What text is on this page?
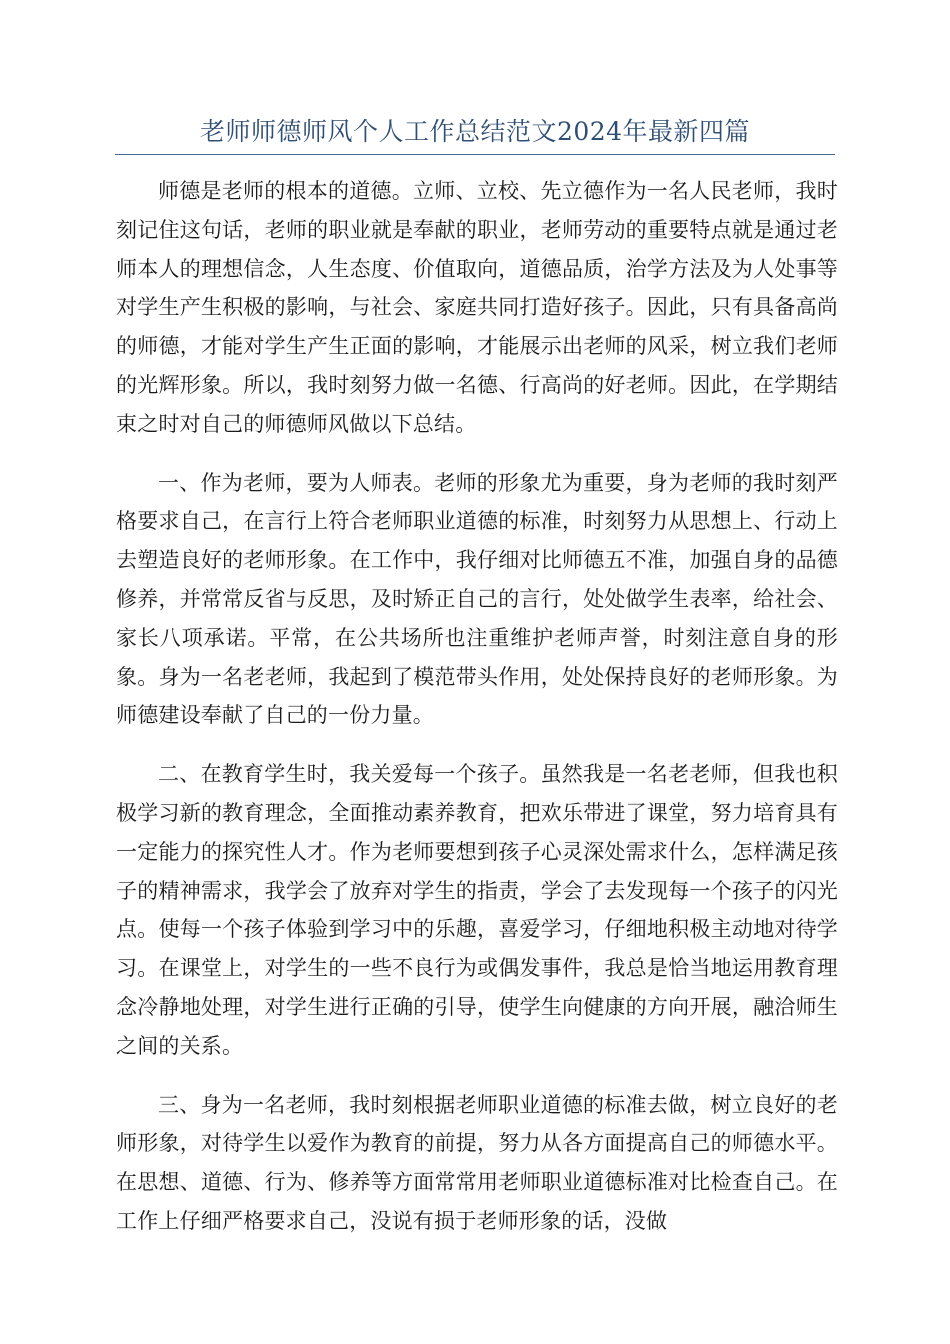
老师师德师风个人工作总结范文2024年最新四篇

师德是老师的根本的道德。立师、立校、先立德作为一名人民老师，我时刻记住这句话，老师的职业就是奉献的职业，老师劳动的重要特点就是通过老师本人的理想信念，人生态度、价值取向，道德品质，治学方法及为人处事等对学生产生积极的影响，与社会、家庭共同打造好孩子。因此，只有具备高尚的师德，才能对学生产生正面的影响，才能展示出老师的风采，树立我们老师的光辉形象。所以，我时刻努力做一名德、行高尚的好老师。因此，在学期结束之时对自己的师德师风做以下总结。

一、作为老师，要为人师表。老师的形象尤为重要，身为老师的我时刻严格要求自己，在言行上符合老师职业道德的标准，时刻努力从思想上、行动上去塑造良好的老师形象。在工作中，我仔细对比师德五不准，加强自身的品德修养，并常常反省与反思，及时矫正自己的言行，处处做学生表率，给社会、家长八项承诺。平常，在公共场所也注重维护老师声誉，时刻注意自身的形象。身为一名老老师，我起到了模范带头作用，处处保持良好的老师形象。为师德建设奉献了自己的一份力量。

二、在教育学生时，我关爱每一个孩子。虽然我是一名老老师，但我也积极学习新的教育理念，全面推动素养教育，把欢乐带进了课堂，努力培育具有一定能力的探究性人才。作为老师要想到孩子心灵深处需求什么，怎样满足孩子的精神需求，我学会了放弃对学生的指责，学会了去发现每一个孩子的闪光点。使每一个孩子体验到学习中的乐趣，喜爱学习，仔细地积极主动地对待学习。在课堂上，对学生的一些不良行为或偶发事件，我总是恰当地运用教育理念冷静地处理，对学生进行正确的引导，使学生向健康的方向开展，融洽师生之间的关系。

三、身为一名老师，我时刻根据老师职业道德的标准去做，树立良好的老师形象，对待学生以爱作为教育的前提，努力从各方面提高自己的师德水平。在思想、道德、行为、修养等方面常常用老师职业道德标准对比检查自己。在工作上仔细严格要求自己，没说有损于老师形象的话，没做
